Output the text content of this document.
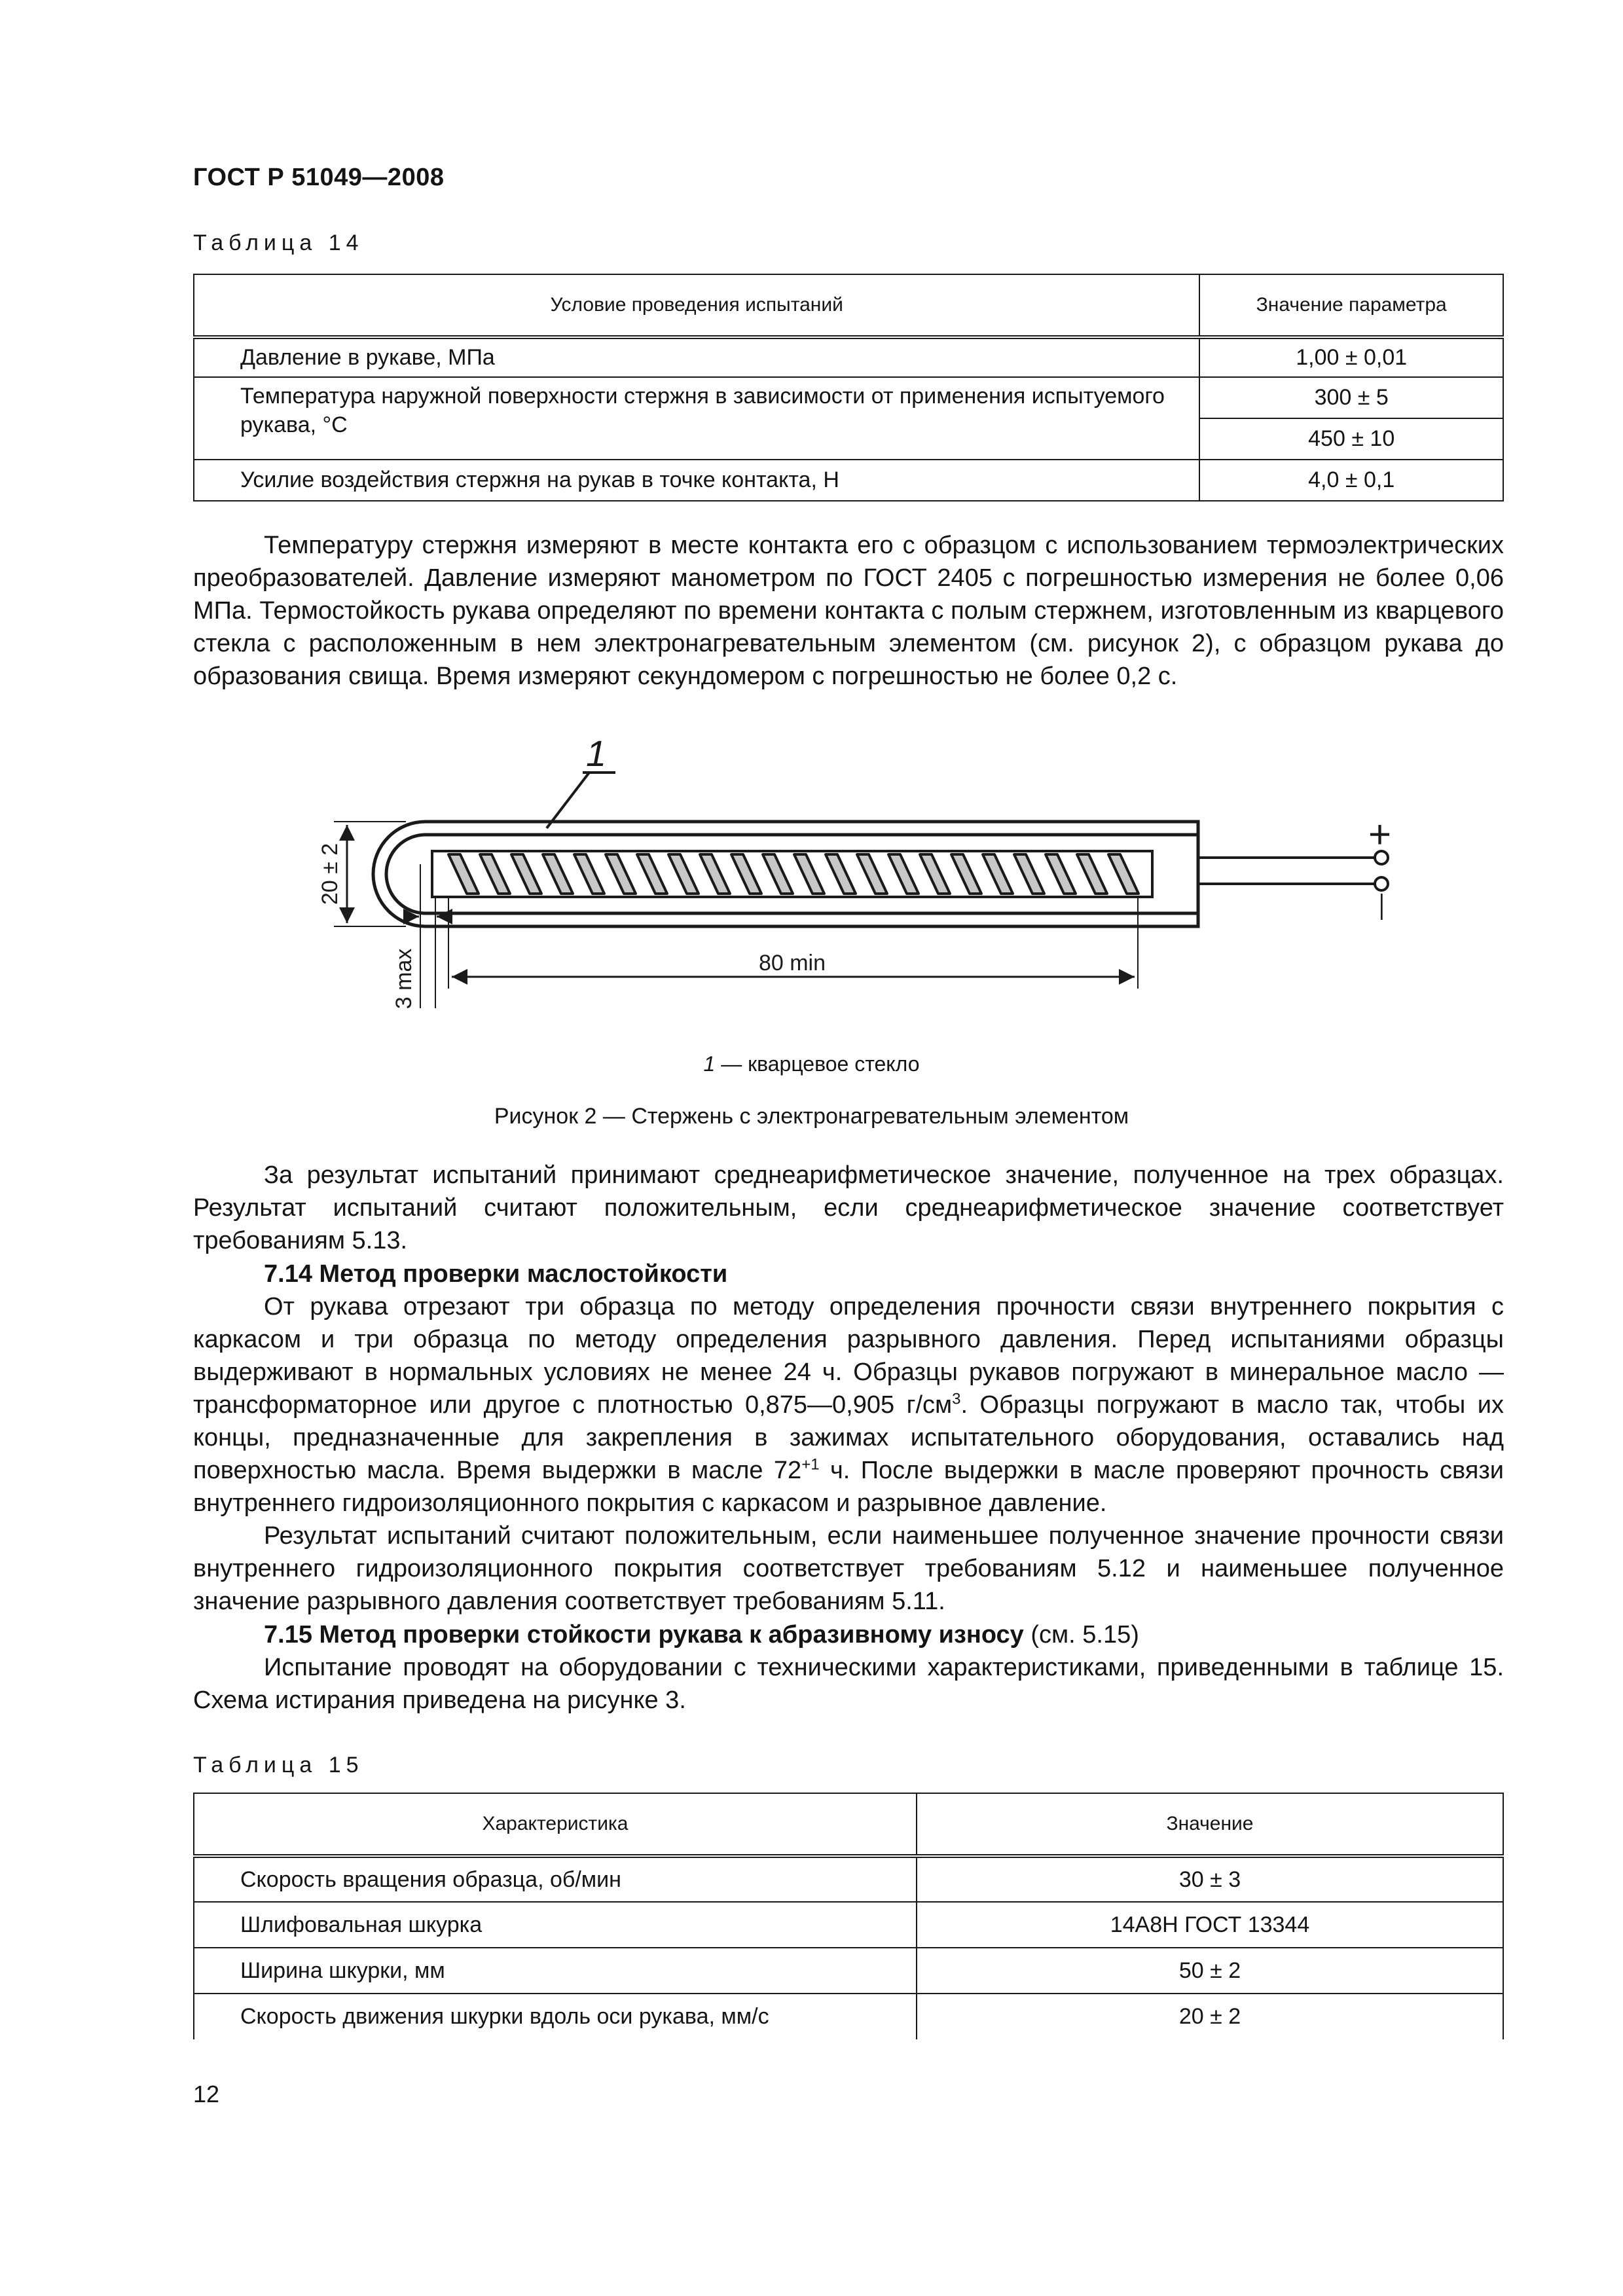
ГОСТ Р 51049—2008
Таблица 14
Условие проведения испытаний	Значение параметра
Давление в рукаве, МПа	1,00 ± 0,01
Температура наружной поверхности стержня в зависимости от применения испытуемого рукава, °С	300 ± 5
	450 ± 10
Усилие воздействия стержня на рукав в точке контакта, Н	4,0 ± 0,1

Температуру стержня измеряют в месте контакта его с образцом с использованием термоэлектрических преобразователей. Давление измеряют манометром по ГОСТ 2405 с погрешностью измерения не более 0,06 МПа. Термостойкость рукава определяют по времени контакта с полым стержнем, изготовленным из кварцевого стекла с расположенным в нем электронагревательным элементом (см. рисунок 2), с образцом рукава до образования свища. Время измеряют секундомером с погрешностью не более 0,2 с.

+
—
1
20 ± 2
3 max	80 min
1 — кварцевое стекло
Рисунок 2 — Стержень с электронагревательным элементом

За результат испытаний принимают среднеарифметическое значение, полученное на трех образцах. Результат испытаний считают положительным, если среднеарифметическое значение соответствует требованиям 5.13.

7.14 Метод проверки маслостойкости

От рукава отрезают три образца по методу определения прочности связи внутреннего покрытия с каркасом и три образца по методу определения разрывного давления. Перед испытаниями образцы выдерживают в нормальных условиях не менее 24 ч. Образцы рукавов погружают в минеральное масло — трансформаторное или другое с плотностью 0,875—0,905 $г/см^3$. Образцы погружают в масло так, чтобы их концы, предназначенные для закрепления в зажимах испытательного оборудования, оставались над поверхностью масла. Время выдержки в масле $72^{+1}$ ч. После выдержки в масле проверяют прочность связи внутреннего гидроизоляционного покрытия с каркасом и разрывное давление.

Результат испытаний считают положительным, если наименьшее полученное значение прочности связи внутреннего гидроизоляционного покрытия соответствует требованиям 5.12 и наименьшее полученное значение разрывного давления соответствует требованиям 5.11.

7.15 Метод проверки стойкости рукава к абразивному износу (см. 5.15)

Испытание проводят на оборудовании с техническими характеристиками, приведенными в таблице 15. Схема истирания приведена на рисунке 3.

Таблица 15
Характеристика	Значение
Скорость вращения образца, об/мин	30 ± 3
Шлифовальная шкурка	14А8Н ГОСТ 13344
Ширина шкурки, мм	50 ± 2
Скорость движения шкурки вдоль оси рукава, мм/с	20 ± 2
12
